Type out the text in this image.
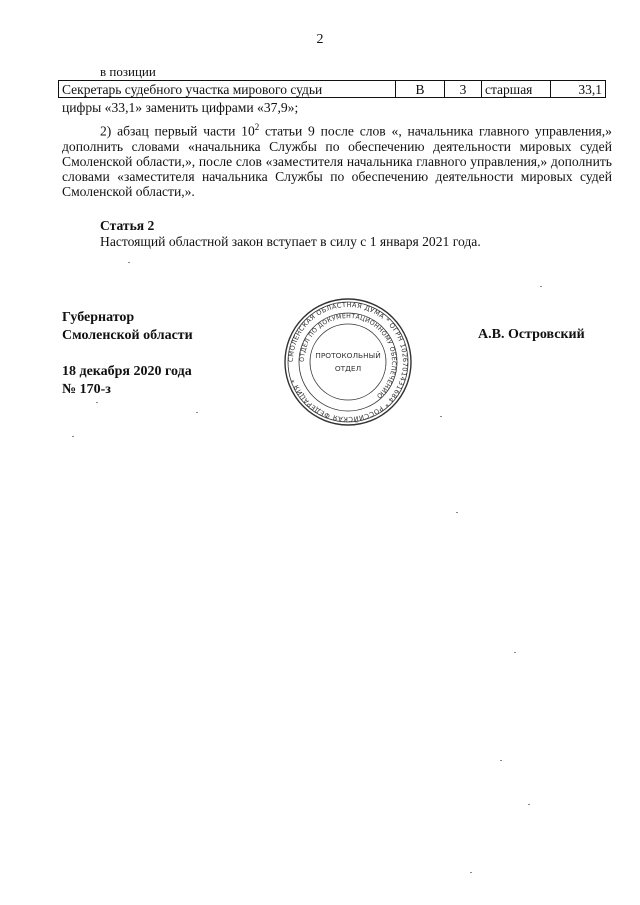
2
в позиции
Секретарь судебного участка мирового судьи	В	3	старшая	33,1
цифры «33,1» заменить цифрами «37,9»;
2) абзац первый части $10^2$ статьи 9 после слов «, начальника главного управления,» дополнить словами «начальника Службы по обеспечению деятельности мировых судей Смоленской области,», после слов «заместителя начальника главного управления,» дополнить словами «заместителя начальника Службы по обеспечению деятельности мировых судей Смоленской области,».
Статья 2
Настоящий областной закон вступает в силу с 1 января 2021 года.
Губернатор
Смоленской области
18 декабря 2020 года
№ 170-з
А.В. Островский
СМОЛЕНСКАЯ ОБЛАСТНАЯ ДУМА * ОГРН 1026701431684 * РОССИЙСКАЯ ФЕДЕРАЦИЯ *
ОТДЕЛ ПО ДОКУМЕНТАЦИОННОМУ ОБЕСПЕЧЕНИЮ
ПРОТОКОЛЬНЫЙ
ОТДЕЛ
